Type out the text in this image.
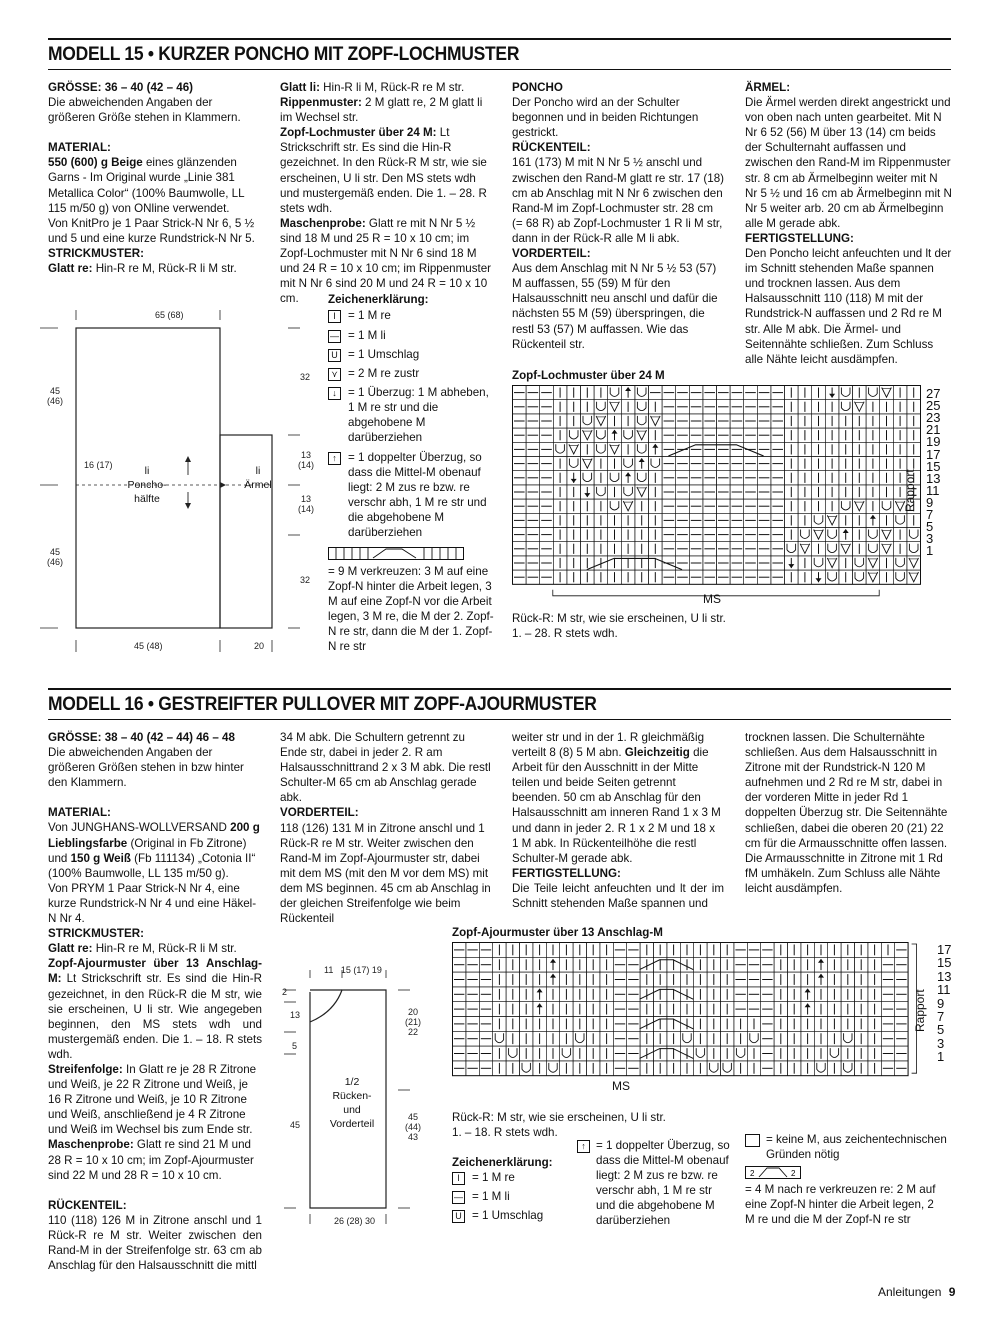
MODELL 15 • KURZER PONCHO MIT ZOPF-LOCHMUSTER

GRÖSSE: 36 – 40 (42 – 46)

Die abweichenden Angaben der größeren Größe stehen in Klammern.

MATERIAL:

550 (600) g Beige eines glänzenden Garns - Im Original wurde „Linie 381 Metallica Color“ (100% Baumwolle, LL 115 m/50 g) von ONline verwendet.

Von KnitPro je 1 Paar Strick-N Nr 6, 5 ½ und 5 und eine kurze Rundstrick-N Nr 5.

STRICKMUSTER:

Glatt re: Hin-R re M, Rück-R li M str.

Glatt li: Hin-R li M, Rück-R re M str.

Rippenmuster: 2 M glatt re, 2 M glatt li im Wechsel str.

Zopf-Lochmuster über 24 M: Lt Strickschrift str. Es sind die Hin-R gezeichnet. In den Rück-R M str, wie sie erscheinen, U li str. Den MS stets wdh und mustergemäß enden. Die 1. – 28. R stets wdh.

Maschenprobe: Glatt re mit N Nr 5 ½ sind 18 M und 25 R = 10 x 10 cm; im Zopf-Lochmuster mit N Nr 6 sind 18 M und 24 R = 10 x 10 cm; im Rippenmuster mit N Nr 6 sind 20 M und 24 R = 10 x 10 cm.

PONCHO

Der Poncho wird an der Schulter begonnen und in beiden Richtungen gestrickt.

RÜCKENTEIL:

161 (173) M mit N Nr 5 ½ anschl und zwischen den Rand-M glatt re str. 17 (18) cm ab Anschlag mit N Nr 6 zwischen den Rand-M im Zopf-Lochmuster str. 28 cm (= 68 R) ab Zopf-Lochmuster 1 R li M str, dann in der Rück-R alle M li abk.

VORDERTEIL:

Aus dem Anschlag mit N Nr 5 ½ 53 (57) M auffassen, 55 (59) M für den Halsausschnitt neu anschl und dafür die nächsten 55 M (59) überspringen, die restl 53 (57) M auffassen. Wie das Rückenteil str.

ÄRMEL:

Die Ärmel werden direkt angestrickt und von oben nach unten gearbeitet. Mit N Nr 6 52 (56) M über 13 (14) cm beids der Schulternaht auffassen und zwischen den Rand-M im Rippenmuster str. 8 cm ab Ärmelbeginn weiter mit N Nr 5 ½ und 16 cm ab Ärmelbeginn mit N Nr 5 weiter arb. 20 cm ab Ärmelbeginn alle M gerade abk.

FERTIGSTELLUNG:

Den Poncho leicht anfeuchten und lt der im Schnitt stehenden Maße spannen und trocknen lassen. Aus dem Halsausschnitt 110 (118) M mit der Rundstrick-N auffassen und 2 Rd re M str. Alle M abk. Die Ärmel- und Seitennähte schließen. Zum Schluss alle Nähte leicht ausdämpfen.

65 (68)
45
(46)
16 (17)	li
Poncho-
hälfte
li
Ärmel
45
(46)
45 (48)	20
32
13
(14)
13
(14)
32
Zeichenerklärung:
I	= 1 M re
— = 1 M li
U = 1 Umschlag
⋎ = 2 M re zustr
↓ = 1 Überzug: 1 M abheben, 1 M re str und die abgehobene M darüberziehen
↑ = 1 doppelter Überzug, so dass die Mittel-M obenauf liegt: 2 M zus re bzw. re verschr abh, 1 M re str und die abgehobene M darüberziehen
= 9 M verkreuzen: 3 M auf eine Zopf-N hinter die Arbeit legen, 3 M auf eine Zopf-N vor die Arbeit legen, 3 M re, die M der 2. Zopf-N re str, dann die M der 1. Zopf-N re str
Zopf-Lochmuster über 24 M
27
25
23
21
19
17
15
13
11
9
7
5
3
1
Rapport
MS
Rück-R: M str, wie sie erscheinen, U li str.
1. – 28. R stets wdh.
MODELL 16 • GESTREIFTER PULLOVER MIT ZOPF-AJOURMUSTER

GRÖSSE: 38 – 40 (42 – 44) 46 – 48

Die abweichenden Angaben der größeren Größen stehen in bzw hinter den Klammern.

MATERIAL:

Von JUNGHANS-WOLLVERSAND 200 g Lieblingsfarbe (Original in Fb Zitrone) und 150 g Weiß (Fb 111134) „Cotonia II“ (100% Baumwolle, LL 135 m/50 g).

Von PRYM 1 Paar Strick-N Nr 4, eine kurze Rundstrick-N Nr 4 und eine Häkel-N Nr 4.

STRICKMUSTER:

Glatt re: Hin-R re M, Rück-R li M str.

Zopf-Ajourmuster über 13 Anschlag-M: Lt Strickschrift str. Es sind die Hin-R gezeichnet, in den Rück-R die M str, wie sie erscheinen, U li str. Wie angegeben beginnen, den MS stets wdh und mustergemäß enden. Die 1. – 18. R stets wdh.

Streifenfolge: In Glatt re je 28 R Zitrone und Weiß, je 22 R Zitrone und Weiß, je 16 R Zitrone und Weiß, je 10 R Zitrone und Weiß, anschließend je 4 R Zitrone und Weiß im Wechsel bis zum Ende str.

Maschenprobe: Glatt re sind 21 M und 28 R = 10 x 10 cm; im Zopf-Ajourmuster sind 22 M und 28 R = 10 x 10 cm.

RÜCKENTEIL:

110 (118) 126 M in Zitrone anschl und 1 Rück-R re M str. Weiter zwischen den Rand-M in der Streifenfolge str. 63 cm ab Anschlag für den Halsausschnitt die mittl

34 M abk. Die Schultern getrennt zu Ende str, dabei in jeder 2. R am Halsausschnittrand 2 x 3 M abk. Die restl Schulter-M 65 cm ab Anschlag gerade abk.

VORDERTEIL:

118 (126) 131 M in Zitrone anschl und 1 Rück-R re M str. Weiter zwischen den Rand-M im Zopf-Ajourmuster str, dabei mit dem MS (mit den M vor dem MS) mit dem MS beginnen. 45 cm ab Anschlag in der gleichen Streifenfolge wie beim Rückenteil

weiter str und in der 1. R gleichmäßig verteilt 8 (8) 5 M abn. Gleichzeitig die Arbeit für den Ausschnitt in der Mitte teilen und beide Seiten getrennt beenden. 50 cm ab Anschlag für den Halsausschnitt am inneren Rand 1 x 3 M und dann in jeder 2. R 1 x 2 M und 18 x 1 M abk. In Rückenteilhöhe die restl Schulter-M gerade abk.

FERTIGSTELLUNG:

Die Teile leicht anfeuchten und lt der im Schnitt stehenden Maße spannen und

trocknen lassen. Die Schulternähte schließen. Aus dem Halsausschnitt in Zitrone mit der Rundstrick-N 120 M aufnehmen und 2 Rd re M str, dabei in der vorderen Mitte in jeder Rd 1 doppelten Überzug str. Die Seitennähte schließen, dabei die oberen 20 (21) 22 cm für die Armausschnitte offen lassen. Die Armausschnitte in Zitrone mit 1 Rd fM umhäkeln. Zum Schluss alle Nähte leicht ausdämpfen.

11   15 (17) 19
2
13
5
45
20
(21)
22
45
(44)
43
1/2
Rücken-
und
Vorderteil
26 (28) 30
Zopf-Ajourmuster über 13 Anschlag-M
17
15
13
11
9
7
5
3
1
Rapport
MS
Rück-R: M str, wie sie erscheinen, U li str.
1. – 18. R stets wdh.
Zeichenerklärung:
I	= 1 M re
— = 1 M li
U = 1 Umschlag
↑ = 1 doppelter Überzug, so dass die Mittel-M obenauf liegt: 2 M zus re bzw. re verschr abh, 1 M re str und die abgehobene M darüberziehen
= keine M, aus zeichentechnischen Gründen nötig
2	2
= 4 M nach re verkreuzen re: 2 M auf eine Zopf-N hinter die Arbeit legen, 2 M re und die M der Zopf-N re str
Anleitungen 9
